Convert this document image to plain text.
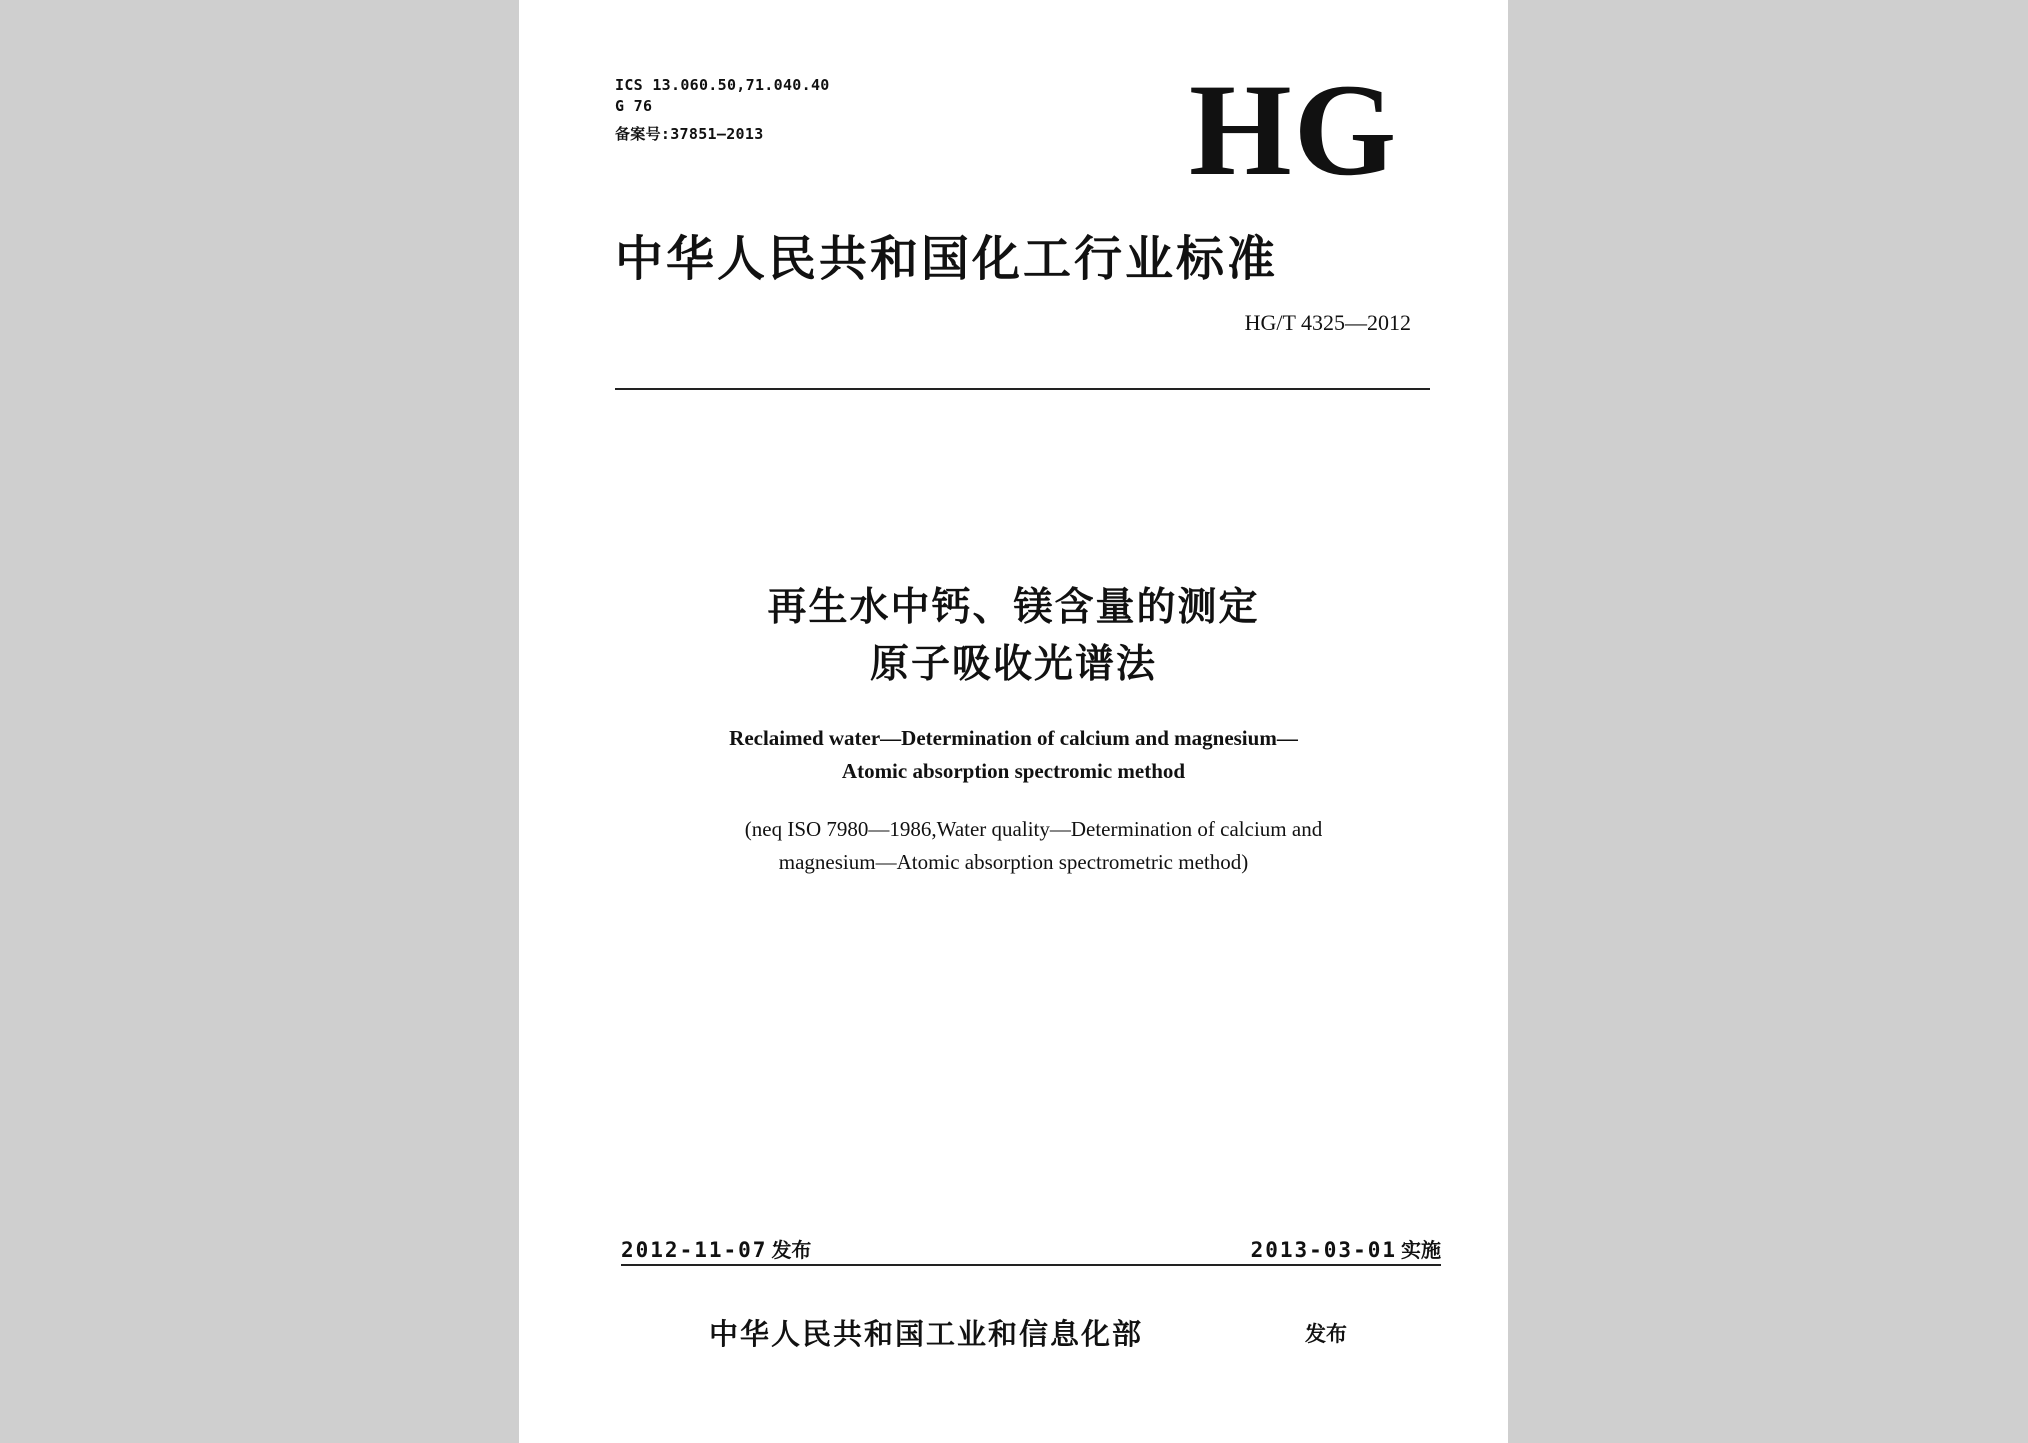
ICS 13.060.50,71.040.40
G 76
备案号:37851—2013	HG
中华人民共和国化工行业标准
HG/T 4325—2012
再生水中钙、镁含量的测定
原子吸收光谱法
Reclaimed water—Determination of calcium and magnesium—
Atomic absorption spectromic method
(neq ISO 7980—1986,Water quality—Determination of calcium and
magnesium—Atomic absorption spectrometric method)
2012-11-07 发布	2013-03-01 实施
中华人民共和国工业和信息化部	发布
